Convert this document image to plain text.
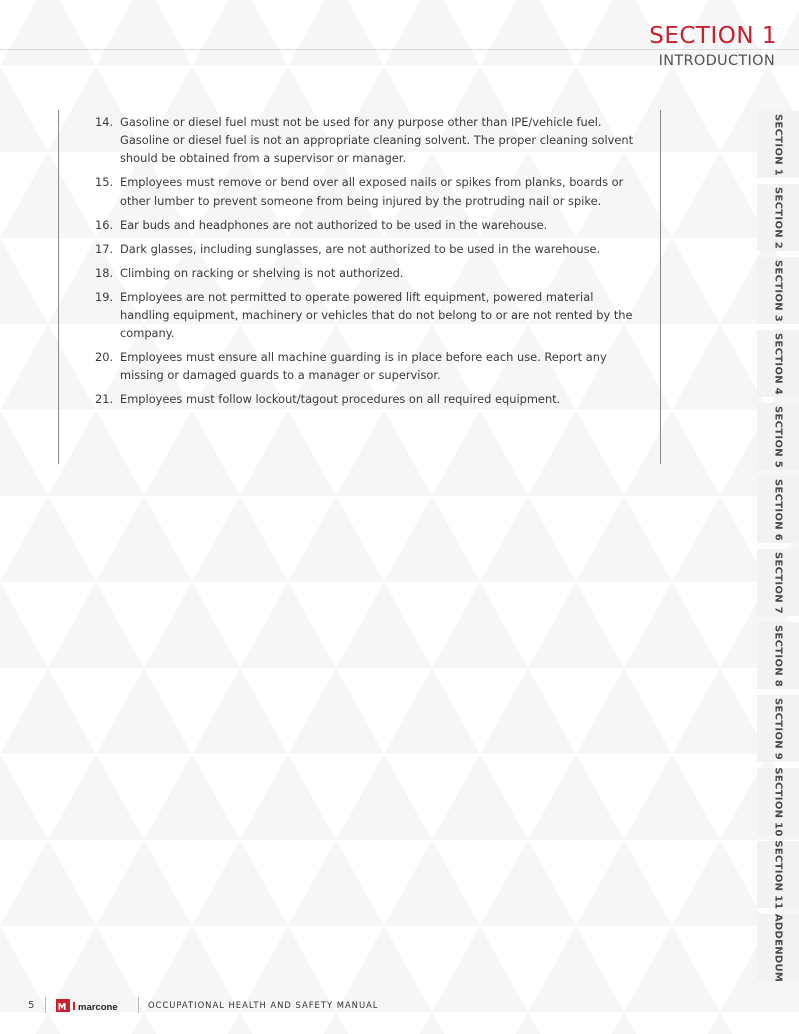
SECTION 1
INTRODUCTION
14. Gasoline or diesel fuel must not be used for any purpose other than IPE/vehicle fuel. Gasoline or diesel fuel is not an appropriate cleaning solvent. The proper cleaning solvent should be obtained from a supervisor or manager.
15. Employees must remove or bend over all exposed nails or spikes from planks, boards or other lumber to prevent someone from being injured by the protruding nail or spike.
16. Ear buds and headphones are not authorized to be used in the warehouse.
17. Dark glasses, including sunglasses, are not authorized to be used in the warehouse.
18. Climbing on racking or shelving is not authorized.
19. Employees are not permitted to operate powered lift equipment, powered material handling equipment, machinery or vehicles that do not belong to or are not rented by the company.
20. Employees must ensure all machine guarding is in place before each use. Report any missing or damaged guards to a manager or supervisor.
21. Employees must follow lockout/tagout procedures on all required equipment.
SECTION 1
SECTION 2
SECTION 3
SECTION 4
SECTION 5
SECTION 6
SECTION 7
SECTION 8
SECTION 9
SECTION 10
SECTION 11
ADDENDUM
5	marcone	OCCUPATIONAL HEALTH AND SAFETY MANUAL
